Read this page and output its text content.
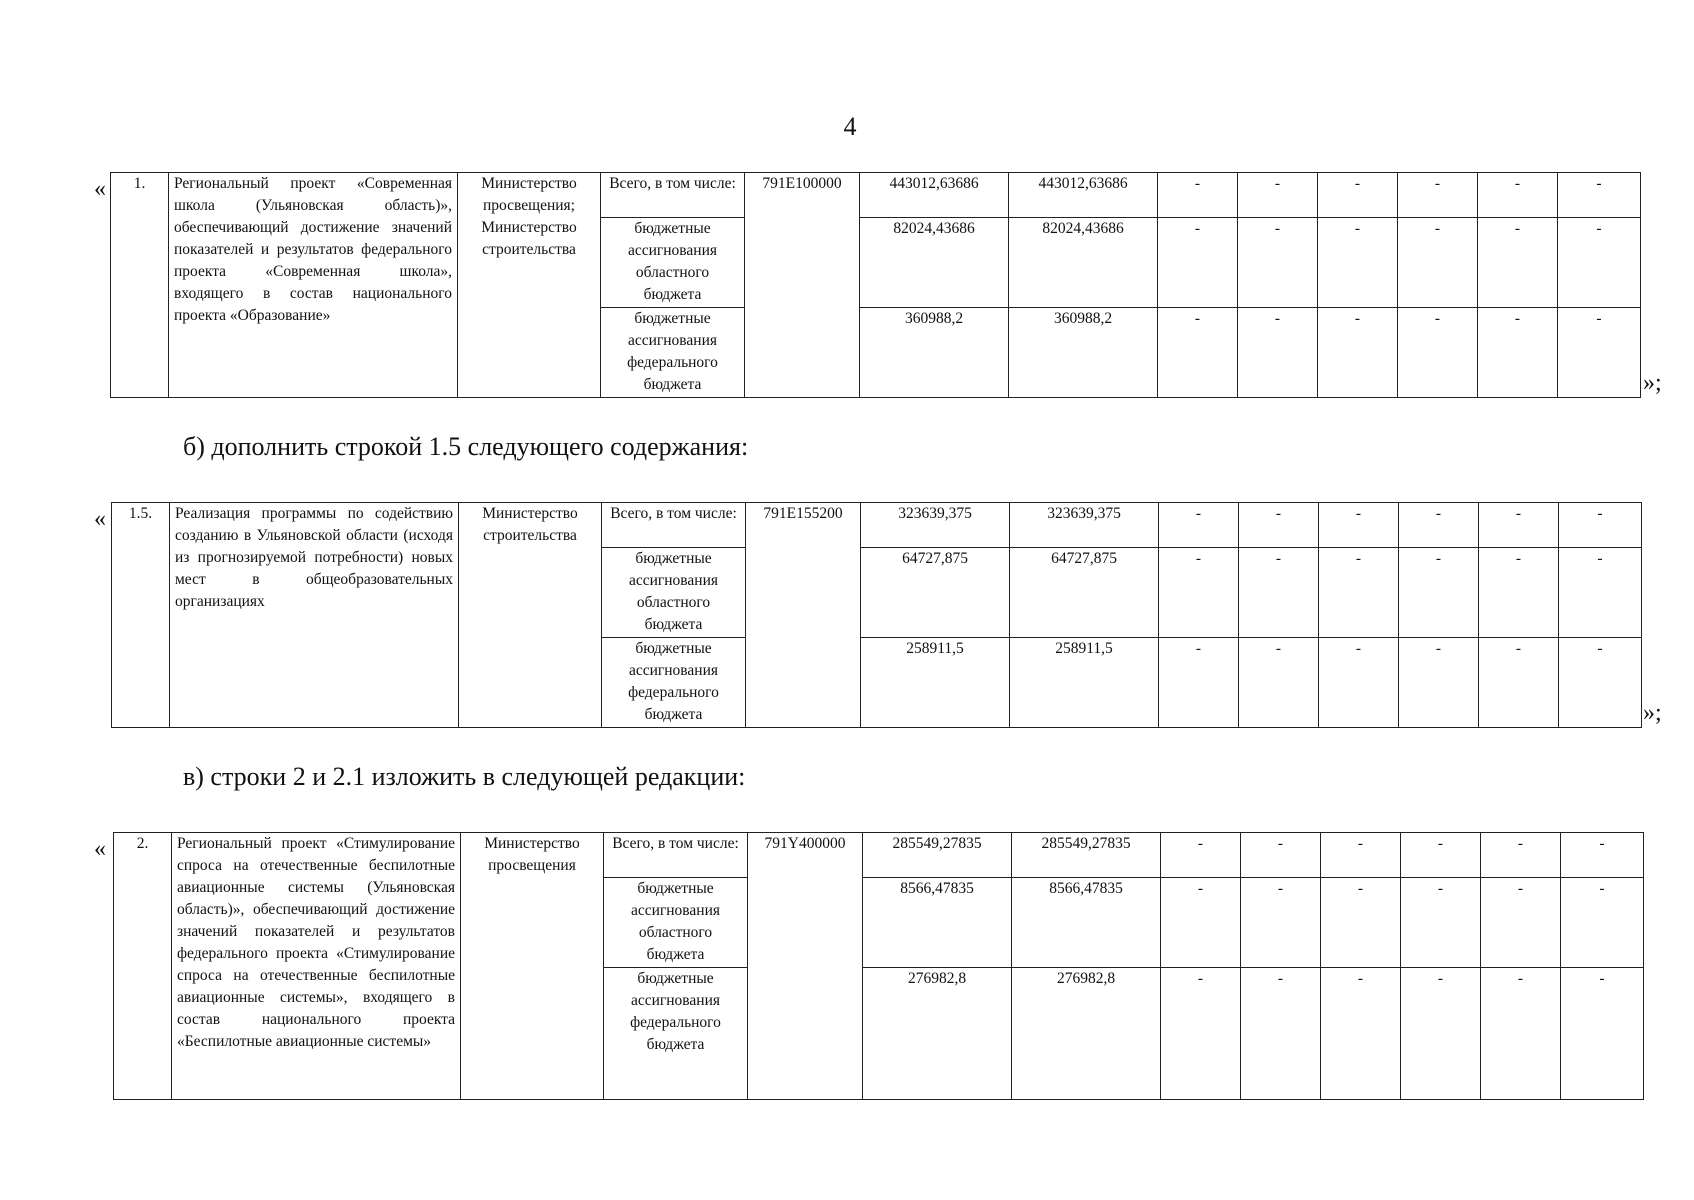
4
« 1.	Региональный проект «Современная школа (Ульяновская область)», обеспечивающий достижение значений показателей и результатов федерального проекта «Современная школа», входящего в состав национального проекта «Образование»	Министерство просвещения; Министерство строительства	Всего, в том числе:	791Е100000	443012,63686	443012,63686	-	-	-	-	-	-
			бюджетные ассигнования областного бюджета		82024,43686	82024,43686	-	-	-	-	-	-
			бюджетные ассигнования федерального бюджета		360988,2	360988,2	-	-	-	-	-	-
»;
б) дополнить строкой 1.5 следующего содержания:
« 1.5.	Реализация программы по содействию созданию в Ульяновской области (исходя из прогнозируемой потребности) новых мест в общеобразовательных организациях	Министерство строительства	Всего, в том числе:	791Е155200	323639,375	323639,375	-	-	-	-	-	-
			бюджетные ассигнования областного бюджета		64727,875	64727,875	-	-	-	-	-	-
			бюджетные ассигнования федерального бюджета		258911,5	258911,5	-	-	-	-	-	-
»;
в) строки 2 и 2.1 изложить в следующей редакции:
« 2.	Региональный проект «Стимулирование спроса на отечественные беспилотные авиационные системы (Ульяновская область)», обеспечивающий достижение значений показателей и результатов федерального проекта «Стимулирование спроса на отечественные беспилотные авиационные системы», входящего в состав национального проекта «Беспилотные авиационные системы»	Министерство просвещения	Всего, в том числе:	791Y400000	285549,27835	285549,27835	-	-	-	-	-	-
			бюджетные ассигнования областного бюджета		8566,47835	8566,47835	-	-	-	-	-	-
			бюджетные ассигнования федерального бюджета		276982,8	276982,8	-	-	-	-	-	-
